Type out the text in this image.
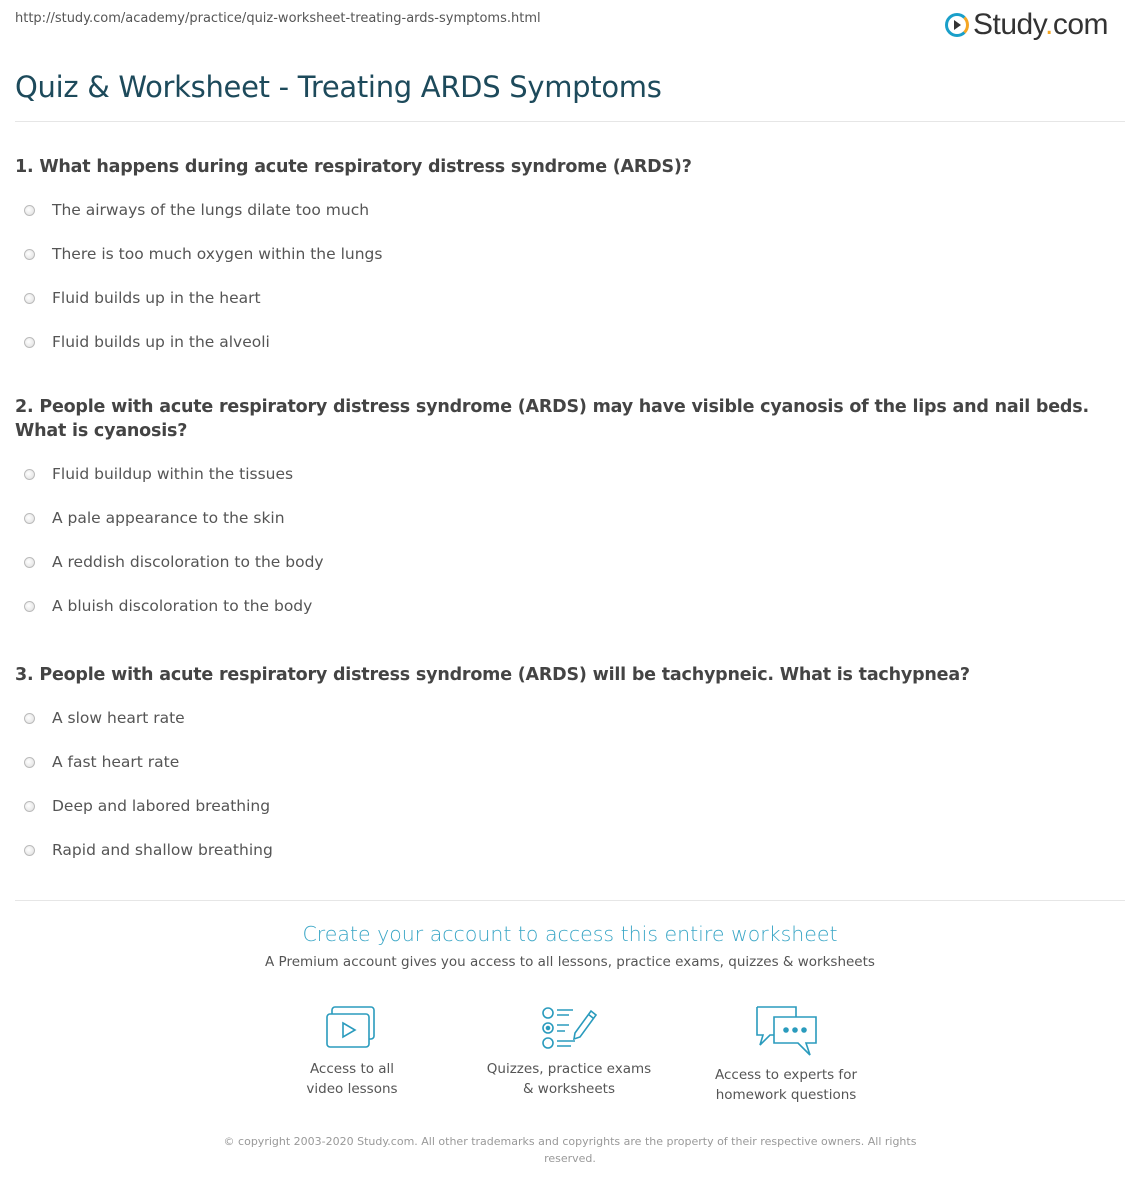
http://study.com/academy/practice/quiz-worksheet-treating-ards-symptoms.html	Study.com
Quiz & Worksheet - Treating ARDS Symptoms

1. What happens during acute respiratory distress syndrome (ARDS)?

The airways of the lungs dilate too much
There is too much oxygen within the lungs
Fluid builds up in the heart
Fluid builds up in the alveoli

2. People with acute respiratory distress syndrome (ARDS) may have visible cyanosis of the lips and nail beds. What is cyanosis?

Fluid buildup within the tissues
A pale appearance to the skin
A reddish discoloration to the body
A bluish discoloration to the body

3. People with acute respiratory distress syndrome (ARDS) will be tachypneic. What is tachypnea?

A slow heart rate
A fast heart rate
Deep and labored breathing
Rapid and shallow breathing
Create your account to access this entire worksheet
A Premium account gives you access to all lessons, practice exams, quizzes & worksheets
Access to all
video lessons
Quizzes, practice exams
& worksheets
Access to experts for
homework questions
© copyright 2003-2020 Study.com. All other trademarks and copyrights are the property of their respective owners. All rights reserved.
